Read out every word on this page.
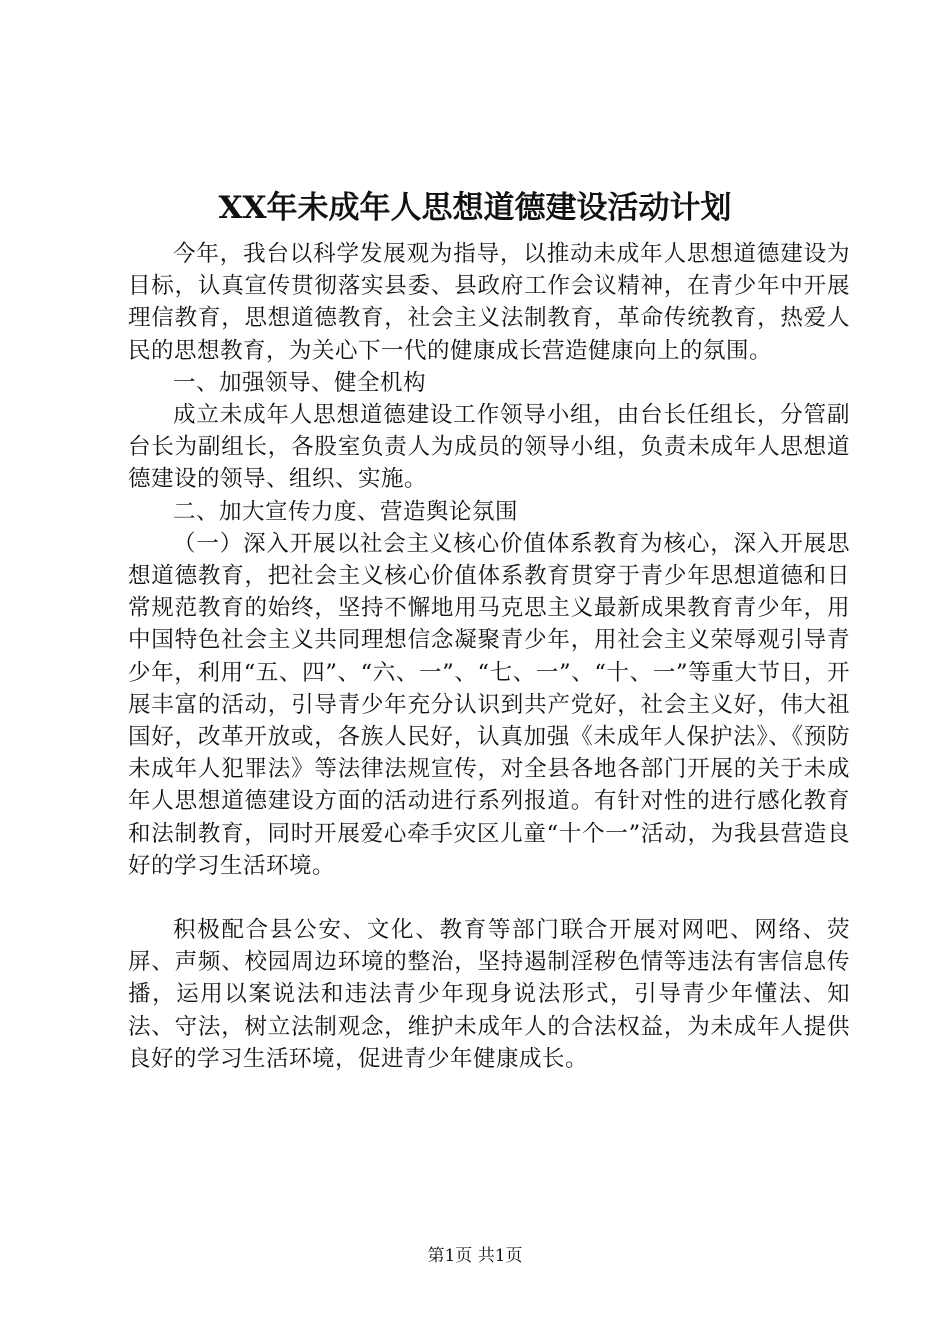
XX年未成年人思想道德建设活动计划

今年，我台以科学发展观为指导，以推动未成年人思想道德建设为目标，认真宣传贯彻落实县委、县政府工作会议精神，在青少年中开展理信教育，思想道德教育，社会主义法制教育，革命传统教育，热爱人民的思想教育，为关心下一代的健康成长营造健康向上的氛围。

一、加强领导、健全机构

成立未成年人思想道德建设工作领导小组，由台长任组长，分管副台长为副组长，各股室负责人为成员的领导小组，负责未成年人思想道德建设的领导、组织、实施。

二、加大宣传力度、营造舆论氛围

（一）深入开展以社会主义核心价值体系教育为核心，深入开展思想道德教育，把社会主义核心价值体系教育贯穿于青少年思想道德和日常规范教育的始终，坚持不懈地用马克思主义最新成果教育青少年，用中国特色社会主义共同理想信念凝聚青少年，用社会主义荣辱观引导青少年，利用“五、四”、“六、一”、“七、一”、“十、一”等重大节日，开展丰富的活动，引导青少年充分认识到共产党好，社会主义好，伟大祖国好，改革开放或，各族人民好，认真加强《未成年人保护法》、《预防未成年人犯罪法》等法律法规宣传，对全县各地各部门开展的关于未成年人思想道德建设方面的活动进行系列报道。有针对性的进行感化教育和法制教育，同时开展爱心牵手灾区儿童“十个一”活动，为我县营造良好的学习生活环境。

积极配合县公安、文化、教育等部门联合开展对网吧、网络、荧屏、声频、校园周边环境的整治，坚持遏制淫秽色情等违法有害信息传播，运用以案说法和违法青少年现身说法形式，引导青少年懂法、知法、守法，树立法制观念，维护未成年人的合法权益，为未成年人提供良好的学习生活环境，促进青少年健康成长。

第1页 共1页
